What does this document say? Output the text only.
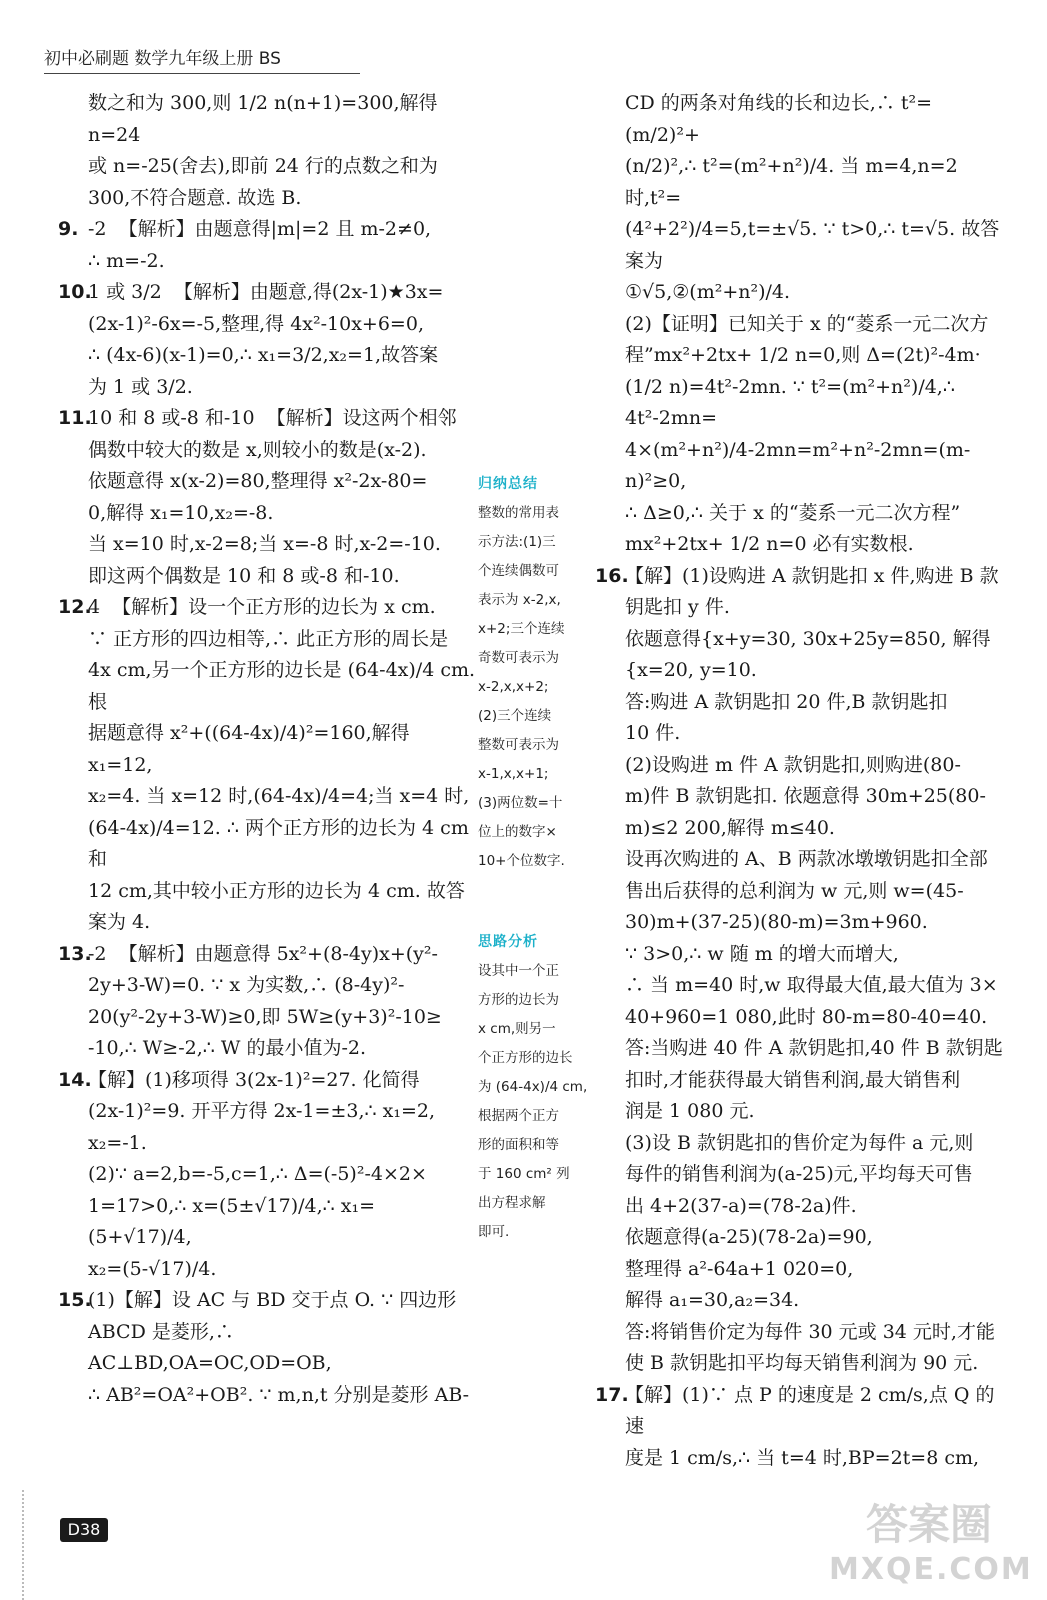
初中必刷题 数学九年级上册 BS

数之和为 300,则 1/2 n(n+1)=300,解得 n=24

或 n=-25(舍去),即前 24 行的点数之和为

300,不符合题意. 故选 B.

9. -2  【解析】由题意得|m|=2 且 m-2≠0,

∴ m=-2.

10.
1 或 3/2  【解析】由题意,得(2x-1)★3x=

(2x-1)²-6x=-5,整理,得 4x²-10x+6=0,

∴ (4x-6)(x-1)=0,∴ x₁=3/2,x₂=1,故答案

为 1 或 3/2.

11.
10 和 8 或-8 和-10  【解析】设这两个相邻

偶数中较大的数是 x,则较小的数是(x-2).

依题意得 x(x-2)=80,整理得 x²-2x-80=

0,解得 x₁=10,x₂=-8.

当 x=10 时,x-2=8;当 x=-8 时,x-2=-10.

即这两个偶数是 10 和 8 或-8 和-10.

12.
4  【解析】设一个正方形的边长为 x cm.

∵ 正方形的四边相等,∴ 此正方形的周长是

4x cm,另一个正方形的边长是 (64-4x)/4 cm. 根

据题意得 x²+((64-4x)/4)²=160,解得 x₁=12,

x₂=4. 当 x=12 时,(64-4x)/4=4;当 x=4 时,

(64-4x)/4=12. ∴ 两个正方形的边长为 4 cm 和

12 cm,其中较小正方形的边长为 4 cm. 故答

案为 4.

13.
-2  【解析】由题意得 5x²+(8-4y)x+(y²-

2y+3-W)=0. ∵ x 为实数,∴ (8-4y)²-

20(y²-2y+3-W)≥0,即 5W≥(y+3)²-10≥

-10,∴ W≥-2,∴ W 的最小值为-2.

14.
【解】(1)移项得 3(2x-1)²=27. 化简得

(2x-1)²=9. 开平方得 2x-1=±3,∴ x₁=2,

x₂=-1.

(2)∵ a=2,b=-5,c=1,∴ Δ=(-5)²-4×2×

1=17>0,∴ x=(5±√17)/4,∴ x₁=(5+√17)/4,

x₂=(5-√17)/4.

15.
(1)【解】设 AC 与 BD 交于点 O. ∵ 四边形

ABCD 是菱形,∴ AC⊥BD,OA=OC,OD=OB,

∴ AB²=OA²+OB². ∵ m,n,t 分别是菱形 AB-

归纳总结

整数的常用表

示方法:(1)三

个连续偶数可

表示为 x-2,x,

x+2;三个连续

奇数可表示为

x-2,x,x+2;

(2)三个连续

整数可表示为

x-1,x,x+1;

(3)两位数=十

位上的数字×

10+个位数字.

思路分析

设其中一个正

方形的边长为

x cm,则另一

个正方形的边长

为 (64-4x)/4 cm,

根据两个正方

形的面积和等

于 160 cm² 列

出方程求解

即可.

CD 的两条对角线的长和边长,∴ t²=(m/2)²+

(n/2)²,∴ t²=(m²+n²)/4. 当 m=4,n=2 时,t²=

(4²+2²)/4=5,t=±√5. ∵ t>0,∴ t=√5. 故答案为

①√5,②(m²+n²)/4.

(2)【证明】已知关于 x 的“菱系一元二次方

程”mx²+2tx+ 1/2 n=0,则 Δ=(2t)²-4m·

(1/2 n)=4t²-2mn. ∵ t²=(m²+n²)/4,∴ 4t²-2mn=

4×(m²+n²)/4-2mn=m²+n²-2mn=(m-n)²≥0,

∴ Δ≥0,∴ 关于 x 的“菱系一元二次方程”

mx²+2tx+ 1/2 n=0 必有实数根.

16.
【解】(1)设购进 A 款钥匙扣 x 件,购进 B 款

钥匙扣 y 件.

依题意得{x+y=30, 30x+25y=850, 解得{x=20, y=10.

答:购进 A 款钥匙扣 20 件,B 款钥匙扣

10 件.

(2)设购进 m 件 A 款钥匙扣,则购进(80-

m)件 B 款钥匙扣. 依题意得 30m+25(80-

m)≤2 200,解得 m≤40.

设再次购进的 A、B 两款冰墩墩钥匙扣全部

售出后获得的总利润为 w 元,则 w=(45-

30)m+(37-25)(80-m)=3m+960.

∵ 3>0,∴ w 随 m 的增大而增大,

∴ 当 m=40 时,w 取得最大值,最大值为 3×

40+960=1 080,此时 80-m=80-40=40.

答:当购进 40 件 A 款钥匙扣,40 件 B 款钥匙

扣时,才能获得最大销售利润,最大销售利

润是 1 080 元.

(3)设 B 款钥匙扣的售价定为每件 a 元,则

每件的销售利润为(a-25)元,平均每天可售

出 4+2(37-a)=(78-2a)件.

依题意得(a-25)(78-2a)=90,

整理得 a²-64a+1 020=0,

解得 a₁=30,a₂=34.

答:将销售价定为每件 30 元或 34 元时,才能

使 B 款钥匙扣平均每天销售利润为 90 元.

17.
【解】(1)∵ 点 P 的速度是 2 cm/s,点 Q 的速

度是 1 cm/s,∴ 当 t=4 时,BP=2t=8 cm,

D38	答案圈
MXQE.COM
